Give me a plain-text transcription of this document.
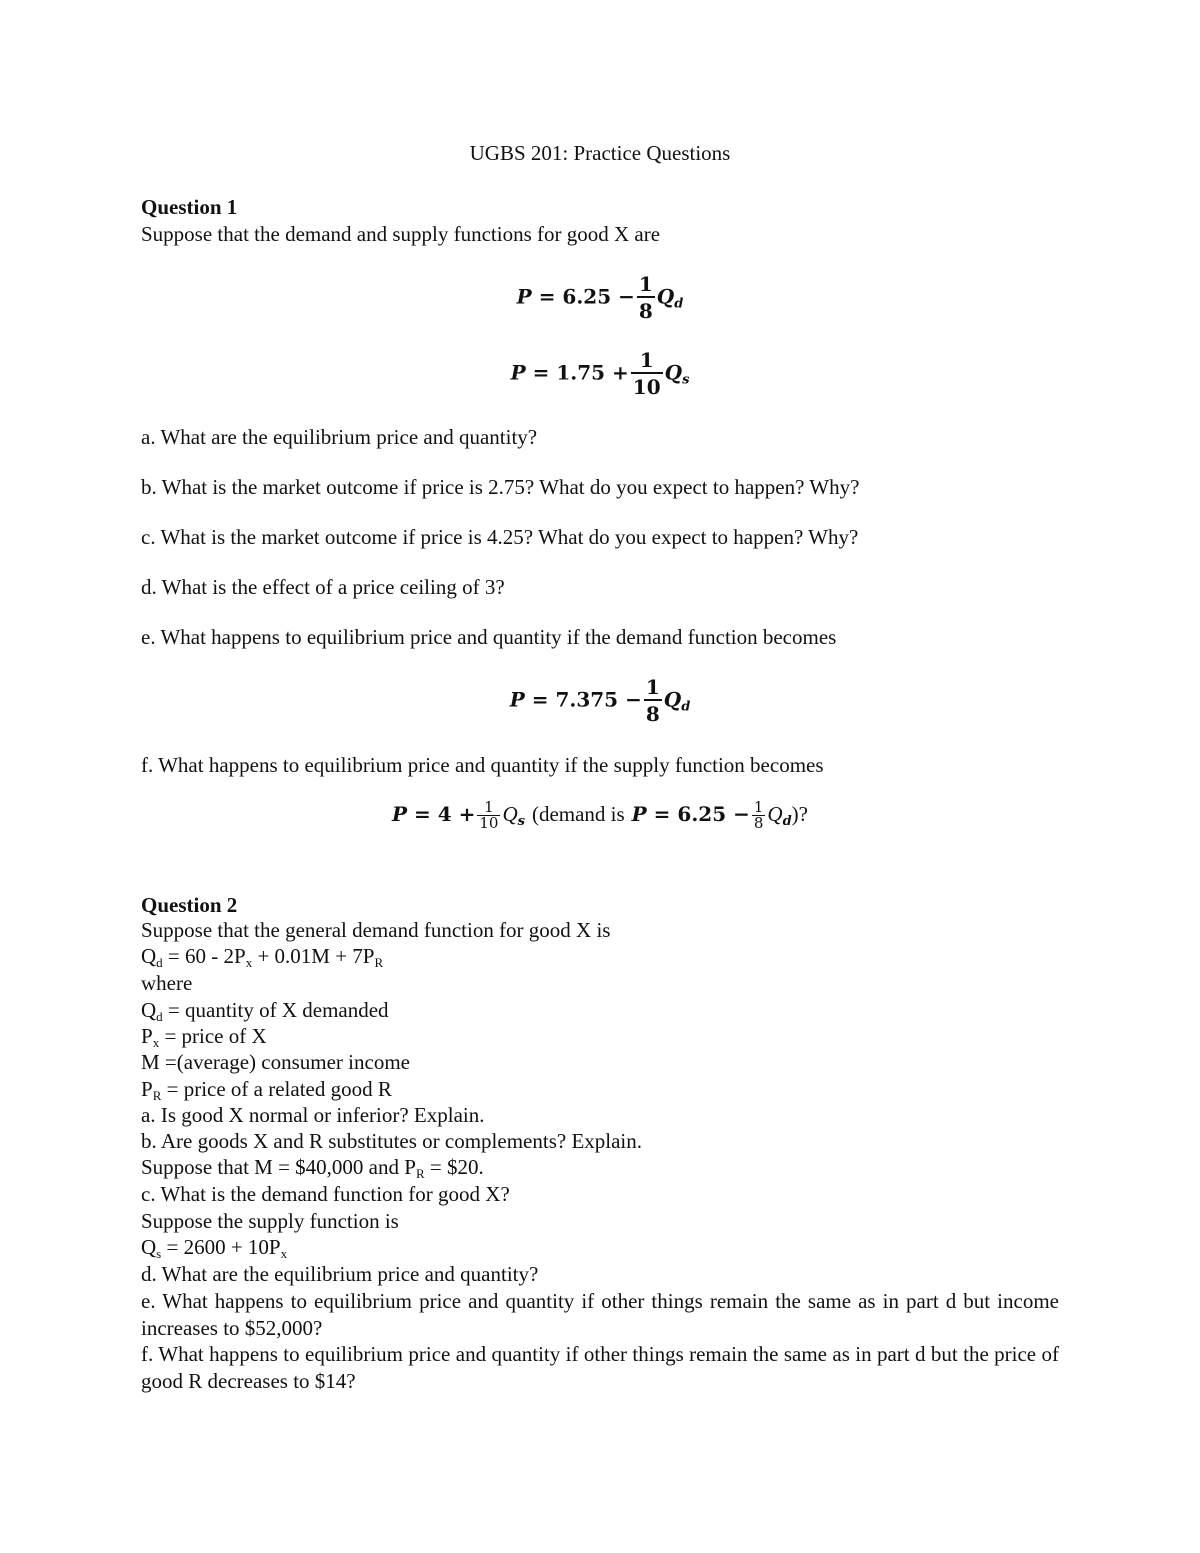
UGBS 201: Practice Questions
Question 1
Suppose that the demand and supply functions for good X are
$P = 6.25 - \frac{1}{8} Q_d$
$P = 1.75 + \frac{1}{10} Q_s$
a. What are the equilibrium price and quantity?
b. What is the market outcome if price is 2.75? What do you expect to happen? Why?
c. What is the market outcome if price is 4.25? What do you expect to happen? Why?
d. What is the effect of a price ceiling of 3?
e. What happens to equilibrium price and quantity if the demand function becomes
$P = 7.375 - \frac{1}{8} Q_d$
f. What happens to equilibrium price and quantity if the supply function becomes
$P = 4 + \frac{1}{10} Q_s$ (demand is $P = 6.25 - \frac{1}{8} Q_d$)?
Question 2
Suppose that the general demand function for good X is
$Q_d = 60 - 2P_x + 0.01M + 7P_R$
where
$Q_d$ = quantity of X demanded
$P_x$ = price of X
M =(average) consumer income
$P_R$ = price of a related good R
a. Is good X normal or inferior? Explain.
b. Are goods X and R substitutes or complements? Explain.
Suppose that M = $40,000 and $P_R$ = $20.
c. What is the demand function for good X?
Suppose the supply function is
$Q_s = 2600 + 10P_x$
d. What are the equilibrium price and quantity?
e. What happens to equilibrium price and quantity if other things remain the same as in part d but income increases to $52,000?
f. What happens to equilibrium price and quantity if other things remain the same as in part d but the price of good R decreases to $14?
